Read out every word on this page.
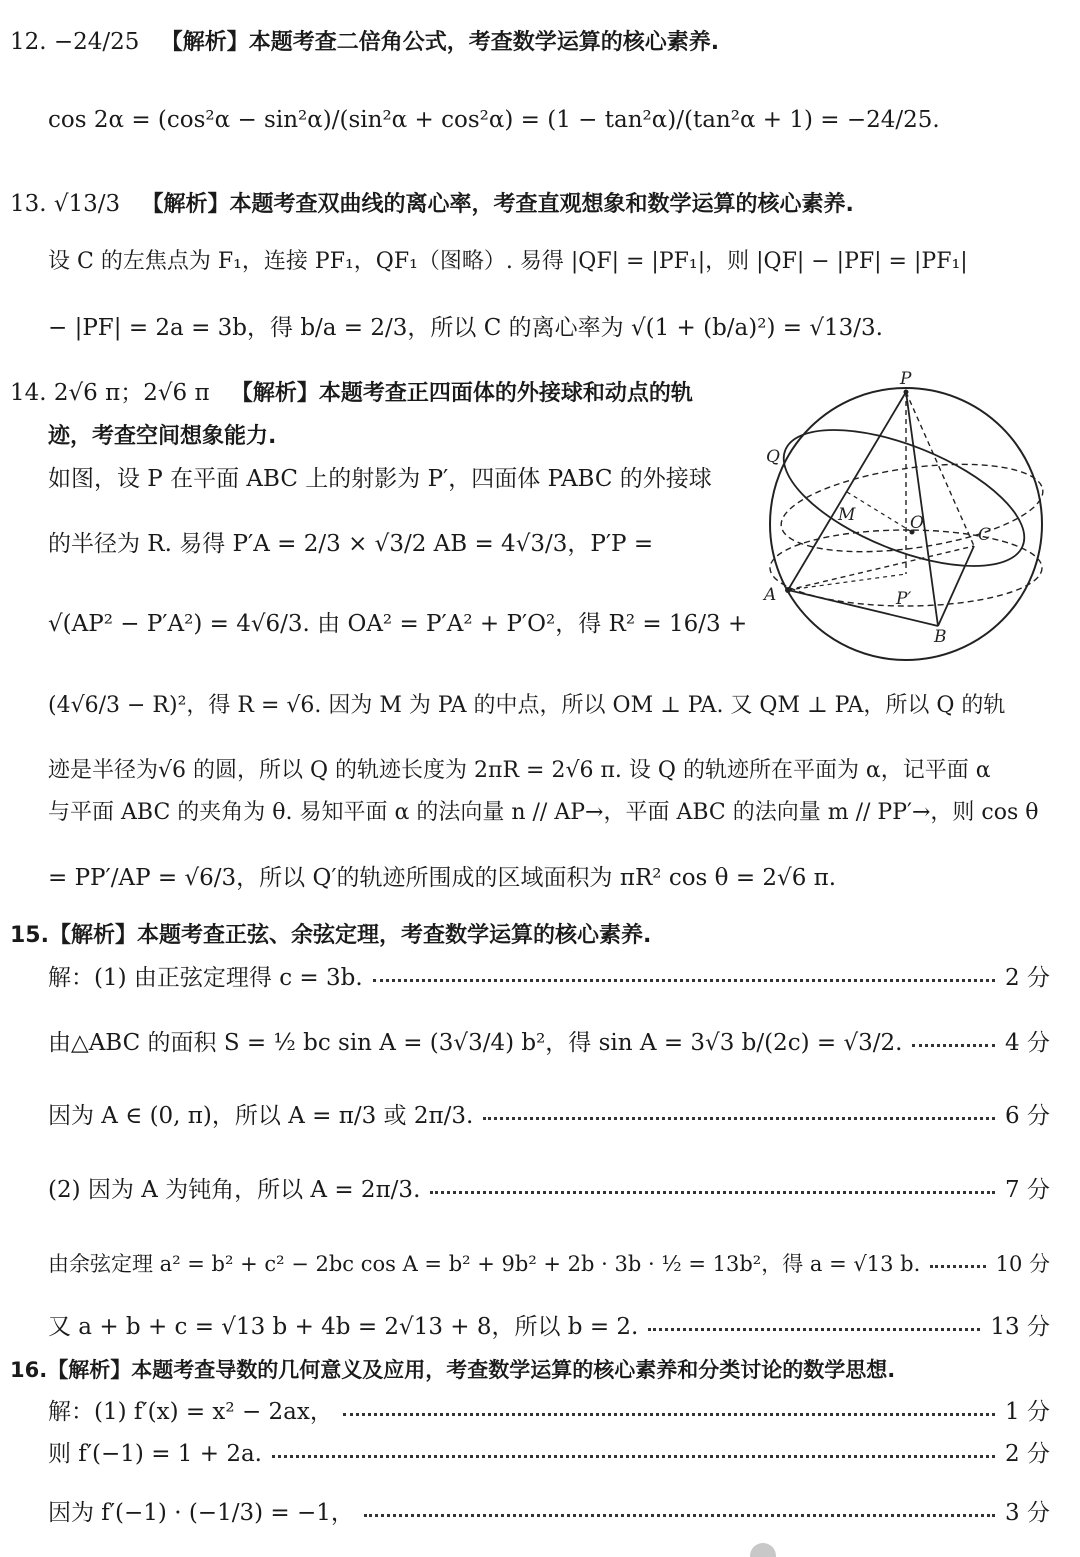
12. −24/25 【解析】本题考查二倍角公式，考查数学运算的核心素养.
cos 2α = (cos²α − sin²α)/(sin²α + cos²α) = (1 − tan²α)/(tan²α + 1) = −24/25.
13. √13/3 【解析】本题考查双曲线的离心率，考查直观想象和数学运算的核心素养.
设 C 的左焦点为 F₁，连接 PF₁，QF₁（图略）. 易得 |QF| = |PF₁|，则 |QF| − |PF| = |PF₁|
− |PF| = 2a = 3b，得 b/a = 2/3，所以 C 的离心率为 √(1 + (b/a)²) = √13/3.
14. 2√6 π；2√6 π 【解析】本题考查正四面体的外接球和动点的轨
迹，考查空间想象能力.
如图，设 P 在平面 ABC 上的射影为 P′，四面体 PABC 的外接球
的半径为 R. 易得 P′A = 2/3 × √3/2 AB = 4√3/3，P′P =
√(AP² − P′A²) = 4√6/3. 由 OA² = P′A² + P′O²，得 R² = 16/3 +
(4√6/3 − R)²，得 R = √6. 因为 M 为 PA 的中点，所以 OM ⊥ PA. 又 QM ⊥ PA，所以 Q 的轨
迹是半径为√6 的圆，所以 Q 的轨迹长度为 2πR = 2√6 π. 设 Q 的轨迹所在平面为 α，记平面 α
与平面 ABC 的夹角为 θ. 易知平面 α 的法向量 n // AP→，平面 ABC 的法向量 m // PP′→，则 cos θ
= PP′/AP = √6/3，所以 Q′的轨迹所围成的区域面积为 πR² cos θ = 2√6 π.
P
Q
M	O
C
A	P′
B
15.【解析】本题考查正弦、余弦定理，考查数学运算的核心素养.
解：(1) 由正弦定理得 c = 3b.	2 分
由△ABC 的面积 S = ½ bc sin A = (3√3/4) b²，得 sin A = 3√3 b/(2c) = √3/2.	4 分
因为 A ∈ (0, π)，所以 A = π/3 或 2π/3.	6 分
(2) 因为 A 为钝角，所以 A = 2π/3.	7 分
由余弦定理 a² = b² + c² − 2bc cos A = b² + 9b² + 2b · 3b · ½ = 13b²，得 a = √13 b.	10 分
又 a + b + c = √13 b + 4b = 2√13 + 8，所以 b = 2.	13 分
16.【解析】本题考查导数的几何意义及应用，考查数学运算的核心素养和分类讨论的数学思想.
解：(1) f′(x) = x² − 2ax，	1 分
则 f′(−1) = 1 + 2a.	2 分
因为 f′(−1) · (−1/3) = −1，	3 分
